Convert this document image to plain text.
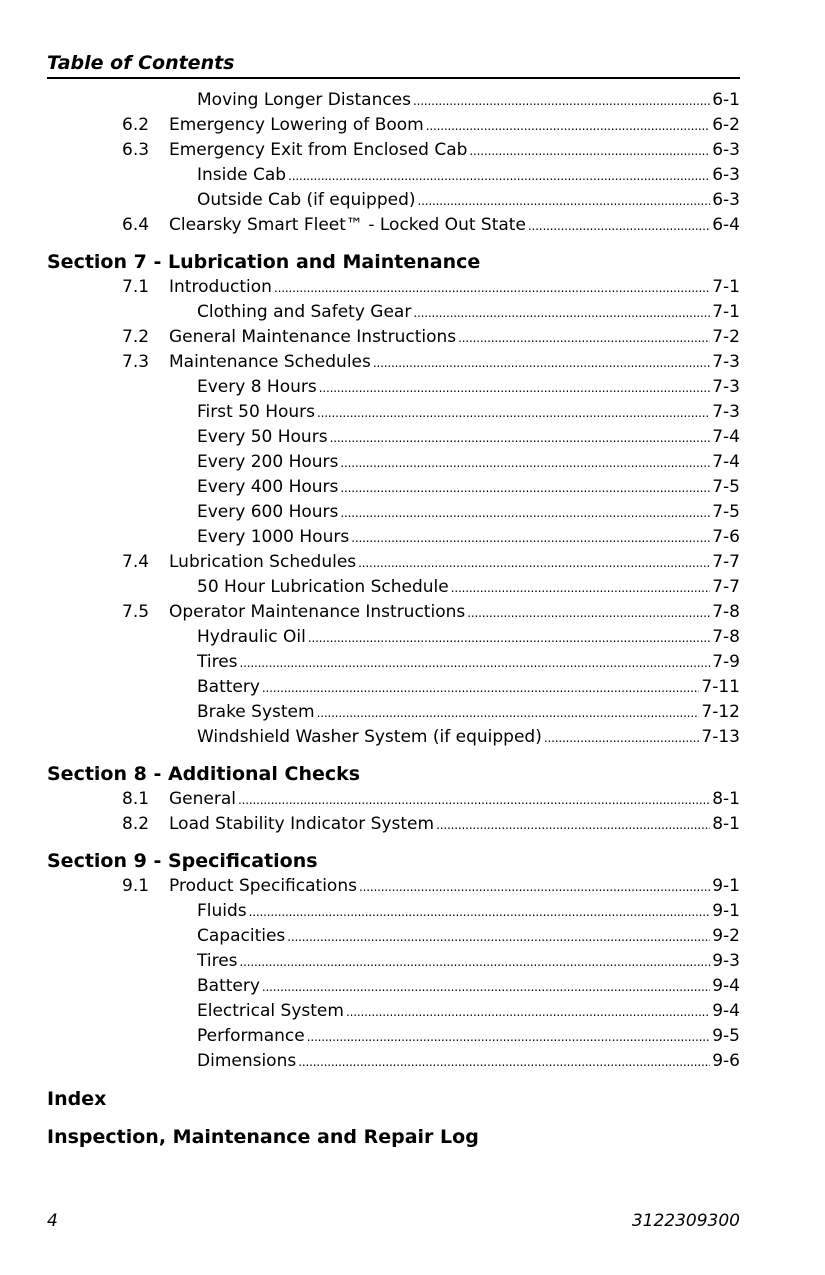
Table of Contents
Moving Longer Distances . . .	6-1
6.2	Emergency Lowering of Boom . . .	6-2
6.3	Emergency Exit from Enclosed Cab . . .	6-3
Inside Cab . . .	6-3
Outside Cab (if equipped) . . .	6-3
6.4	Clearsky Smart Fleet™ - Locked Out State . . .	6-4
Section 7 - Lubrication and Maintenance
7.1	Introduction . . .	7-1
Clothing and Safety Gear . . .	7-1
7.2	General Maintenance Instructions . . .	7-2
7.3	Maintenance Schedules . . .	7-3
Every 8 Hours . . .	7-3
First 50 Hours . . .	7-3
Every 50 Hours . . .	7-4
Every 200 Hours . . .	7-4
Every 400 Hours . . .	7-5
Every 600 Hours . . .	7-5
Every 1000 Hours . . .	7-6
7.4	Lubrication Schedules . . .	7-7
50 Hour Lubrication Schedule . . .	7-7
7.5	Operator Maintenance Instructions . . .	7-8
Hydraulic Oil . . .	7-8
Tires . . .	7-9
Battery . . .	7-11
Brake System . . .	7-12
Windshield Washer System (if equipped) . . .	7-13
Section 8 - Additional Checks
8.1	General . . .	8-1
8.2	Load Stability Indicator System . . .	8-1
Section 9 - Specifications
9.1	Product Specifications . . .	9-1
Fluids . . .	9-1
Capacities . . .	9-2
Tires . . .	9-3
Battery . . .	9-4
Electrical System . . .	9-4
Performance . . .	9-5
Dimensions . . .	9-6
Index
Inspection, Maintenance and Repair Log
4	3122309300
